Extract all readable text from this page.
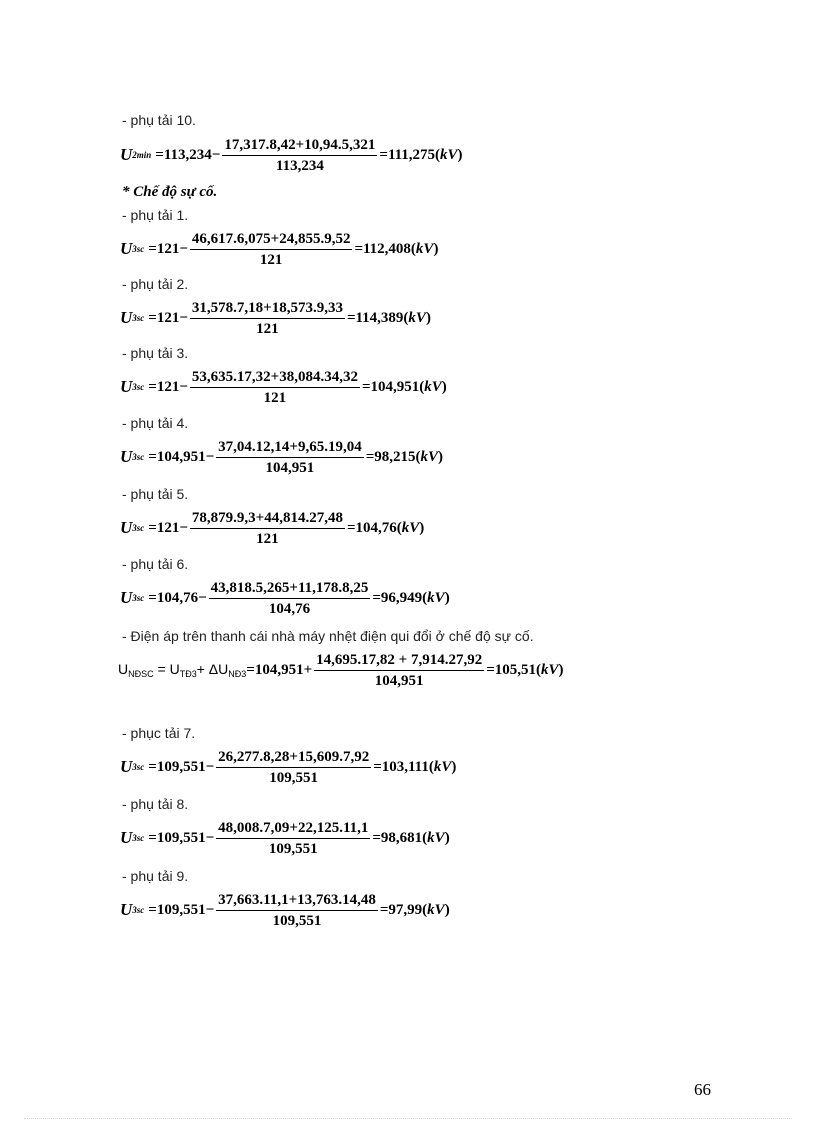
- phụ tải 10.
U $2\min =113,234- \frac{17,317.8,42+10,94.5,321}{113,234} =111,275$( kV )
* Chế độ sự cố.
- phụ tải 1.
U $3sc =121- \frac{46,617.6,075+24,855.9,52}{121} =112,408$( kV )
- phụ tải 2.
U $3sc =121- \frac{31,578.7,18+18,573.9,33}{121} =114,389$( kV )
- phụ tải 3.
U $3sc =121- \frac{53,635.17,32+38,084.34,32}{121} =104,951$( kV )
- phụ tải 4.
U $3sc =104,951- \frac{37,04.12,14+9,65.19,04}{104,951} =98,215$( kV )
- phụ tải 5.
U $3sc =121- \frac{78,879.9,3+44,814.27,48}{121} =104,76$( kV )
- phụ tải 6.
U $3sc =104,76- \frac{43,818.5,265+11,178.8,25}{104,76} =96,949$( kV )
- Điện áp trên thanh cái nhà máy nhệt điện qui đổi ở chế độ sự cố.
$U_{NĐSC} = U_{TĐ3}+ \Delta U_{NĐ3} =104,951+ \frac{14,695.17,82 + 7,914.27,92}{104,951} =105,51$( kV )
- phục tải 7.
U $3sc =109,551- \frac{26,277.8,28+15,609.7,92}{109,551} =103,111$( kV )
- phụ tải 8.
U $3sc =109,551- \frac{48,008.7,09+22,125.11,1}{109,551} =98,681$( kV )
- phụ tải 9.
U $3sc =109,551- \frac{37,663.11,1+13,763.14,48}{109,551} =97,99$( kV )
66
